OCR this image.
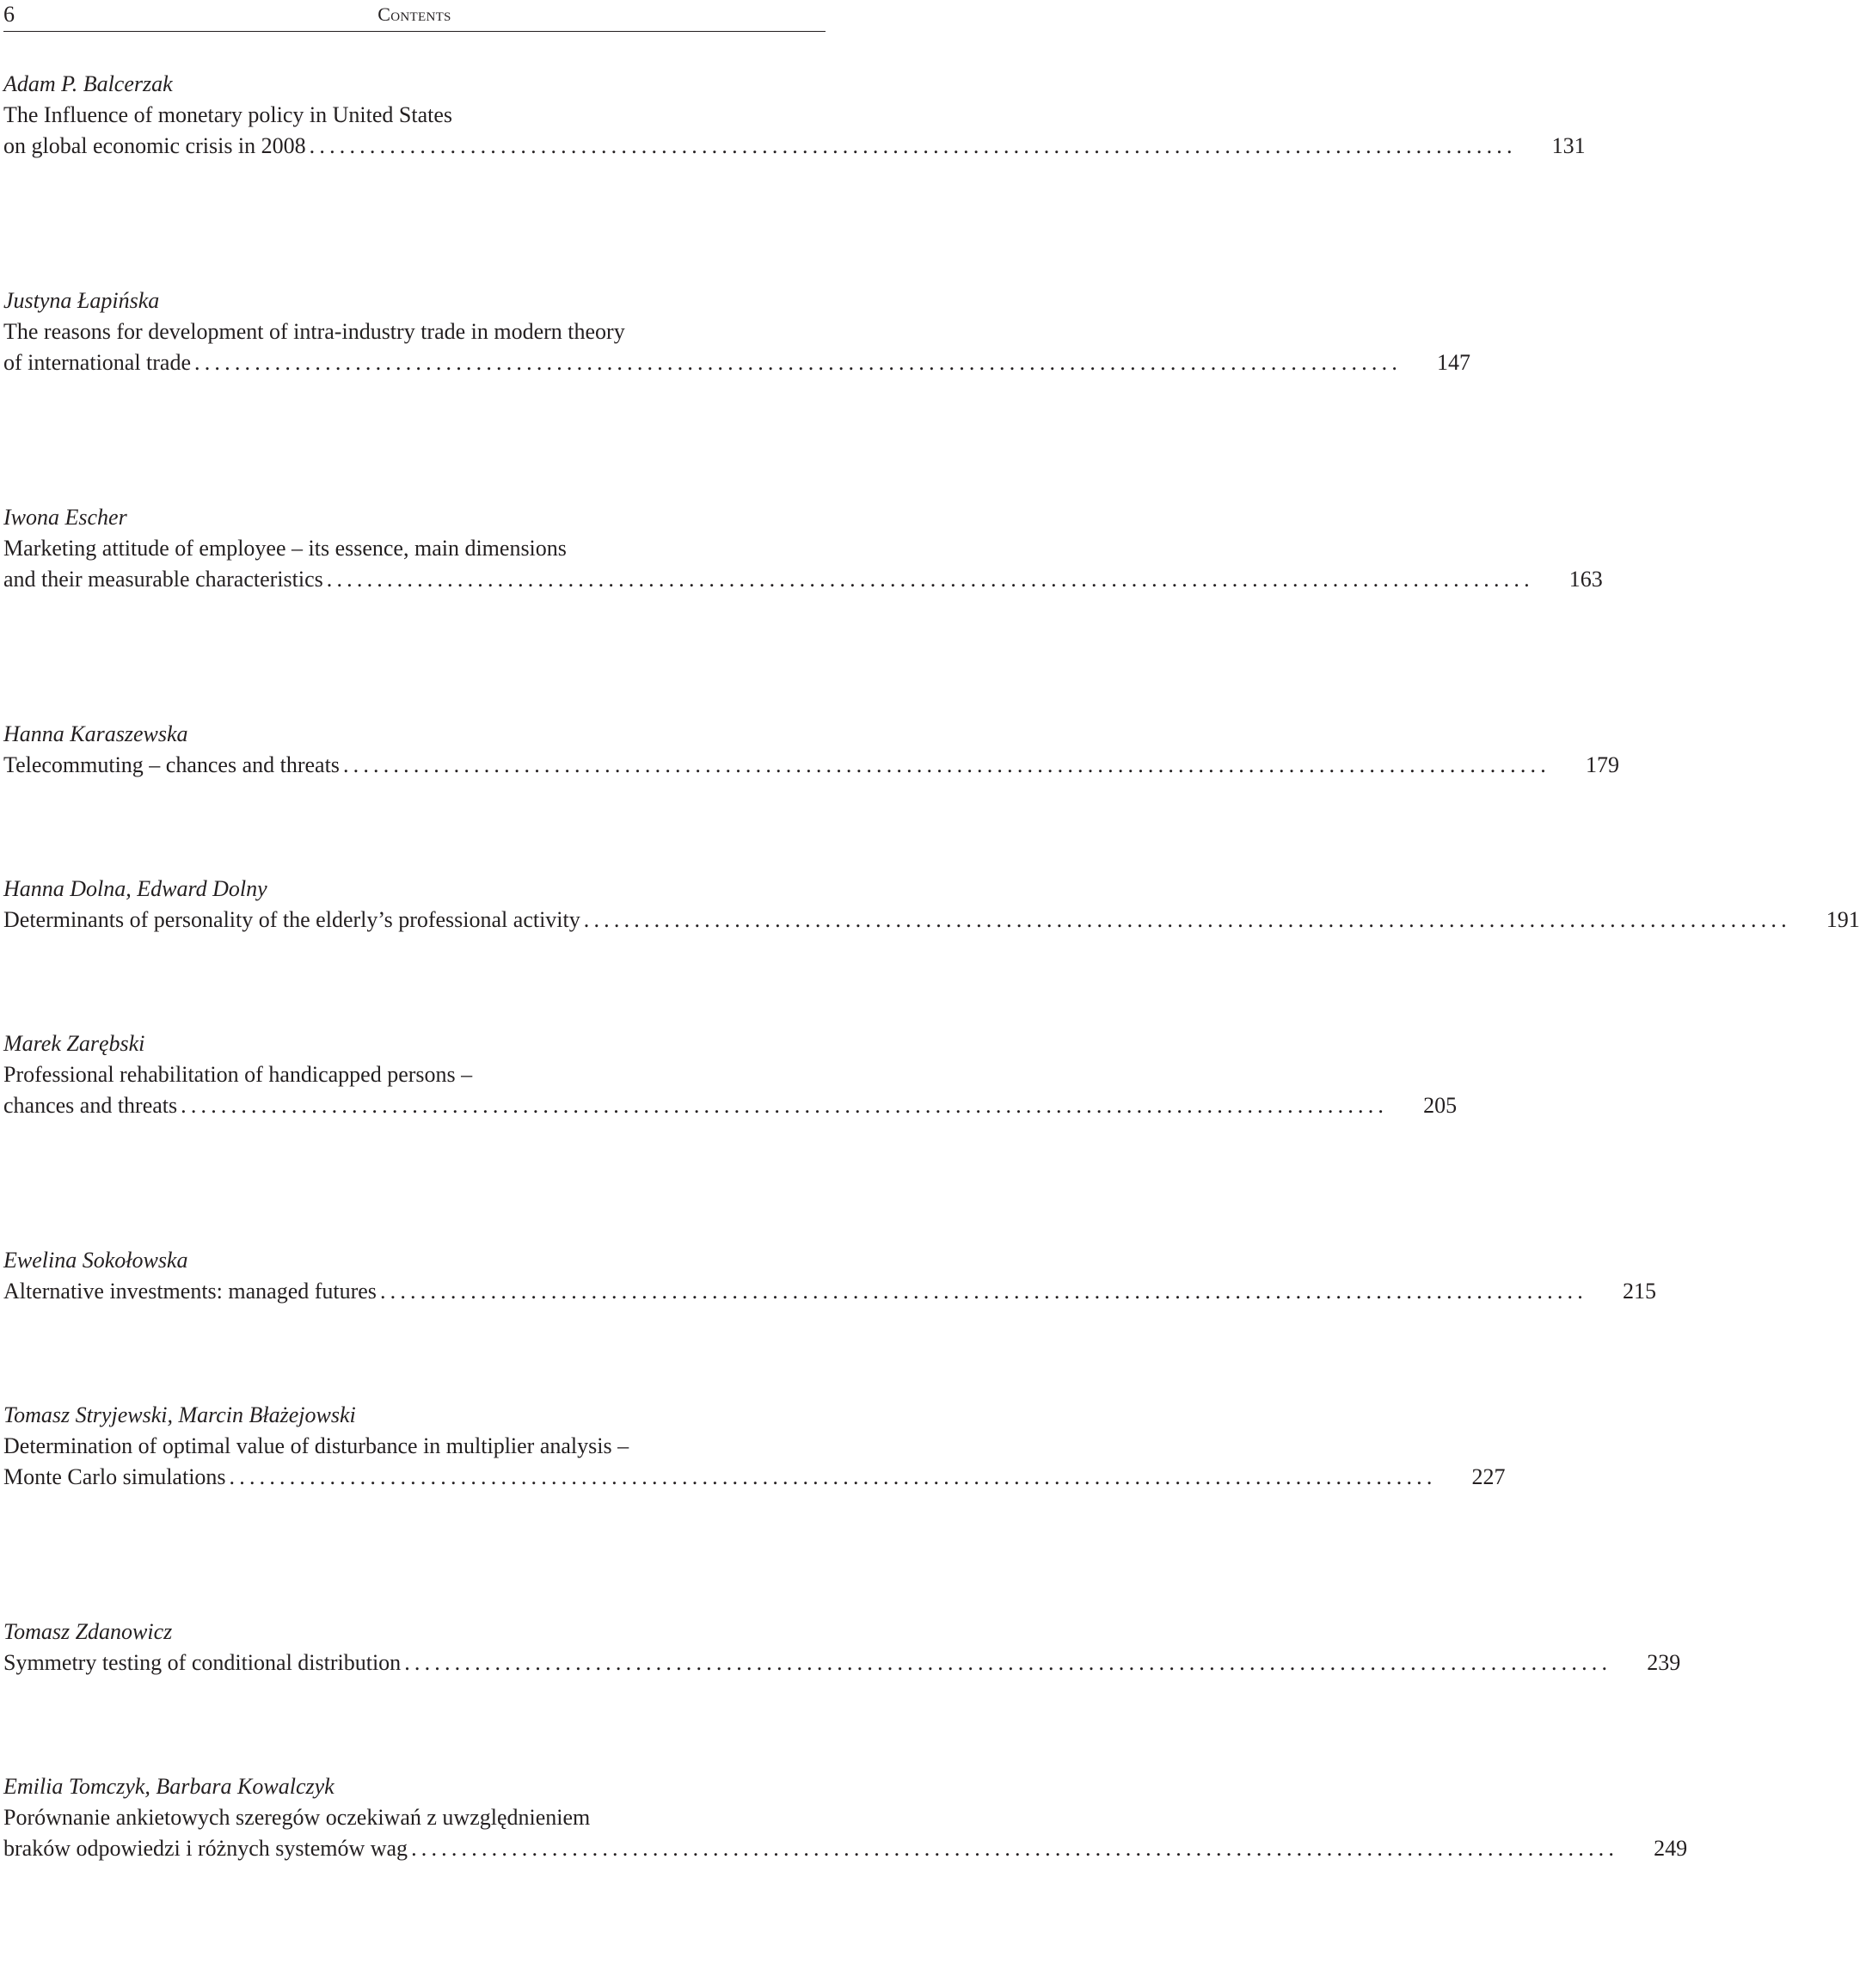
6	Contents
Adam P. Balcerzak
The Influence of monetary policy in United States
on global economic crisis in 2008 ........................................................................................................................ 131
Justyna Łapińska
The reasons for development of intra-industry trade in modern theory
of international trade ........................................................................................................................ 147
Iwona Escher
Marketing attitude of employee – its essence, main dimensions
and their measurable characteristics ........................................................................................................................ 163
Hanna Karaszewska
Telecommuting – chances and threats ........................................................................................................................ 179
Hanna Dolna, Edward Dolny
Determinants of personality of the elderly’s professional activity ........................................................................................................................ 191
Marek Zarębski
Professional rehabilitation of handicapped persons –
chances and threats ........................................................................................................................ 205
Ewelina Sokołowska
Alternative investments: managed futures ........................................................................................................................ 215
Tomasz Stryjewski, Marcin Błażejowski
Determination of optimal value of disturbance in multiplier analysis –
Monte Carlo simulations ........................................................................................................................ 227
Tomasz Zdanowicz
Symmetry testing of conditional distribution ........................................................................................................................ 239
Emilia Tomczyk, Barbara Kowalczyk
Porównanie ankietowych szeregów oczekiwań z uwzględnieniem
braków odpowiedzi i różnych systemów wag ........................................................................................................................ 249
